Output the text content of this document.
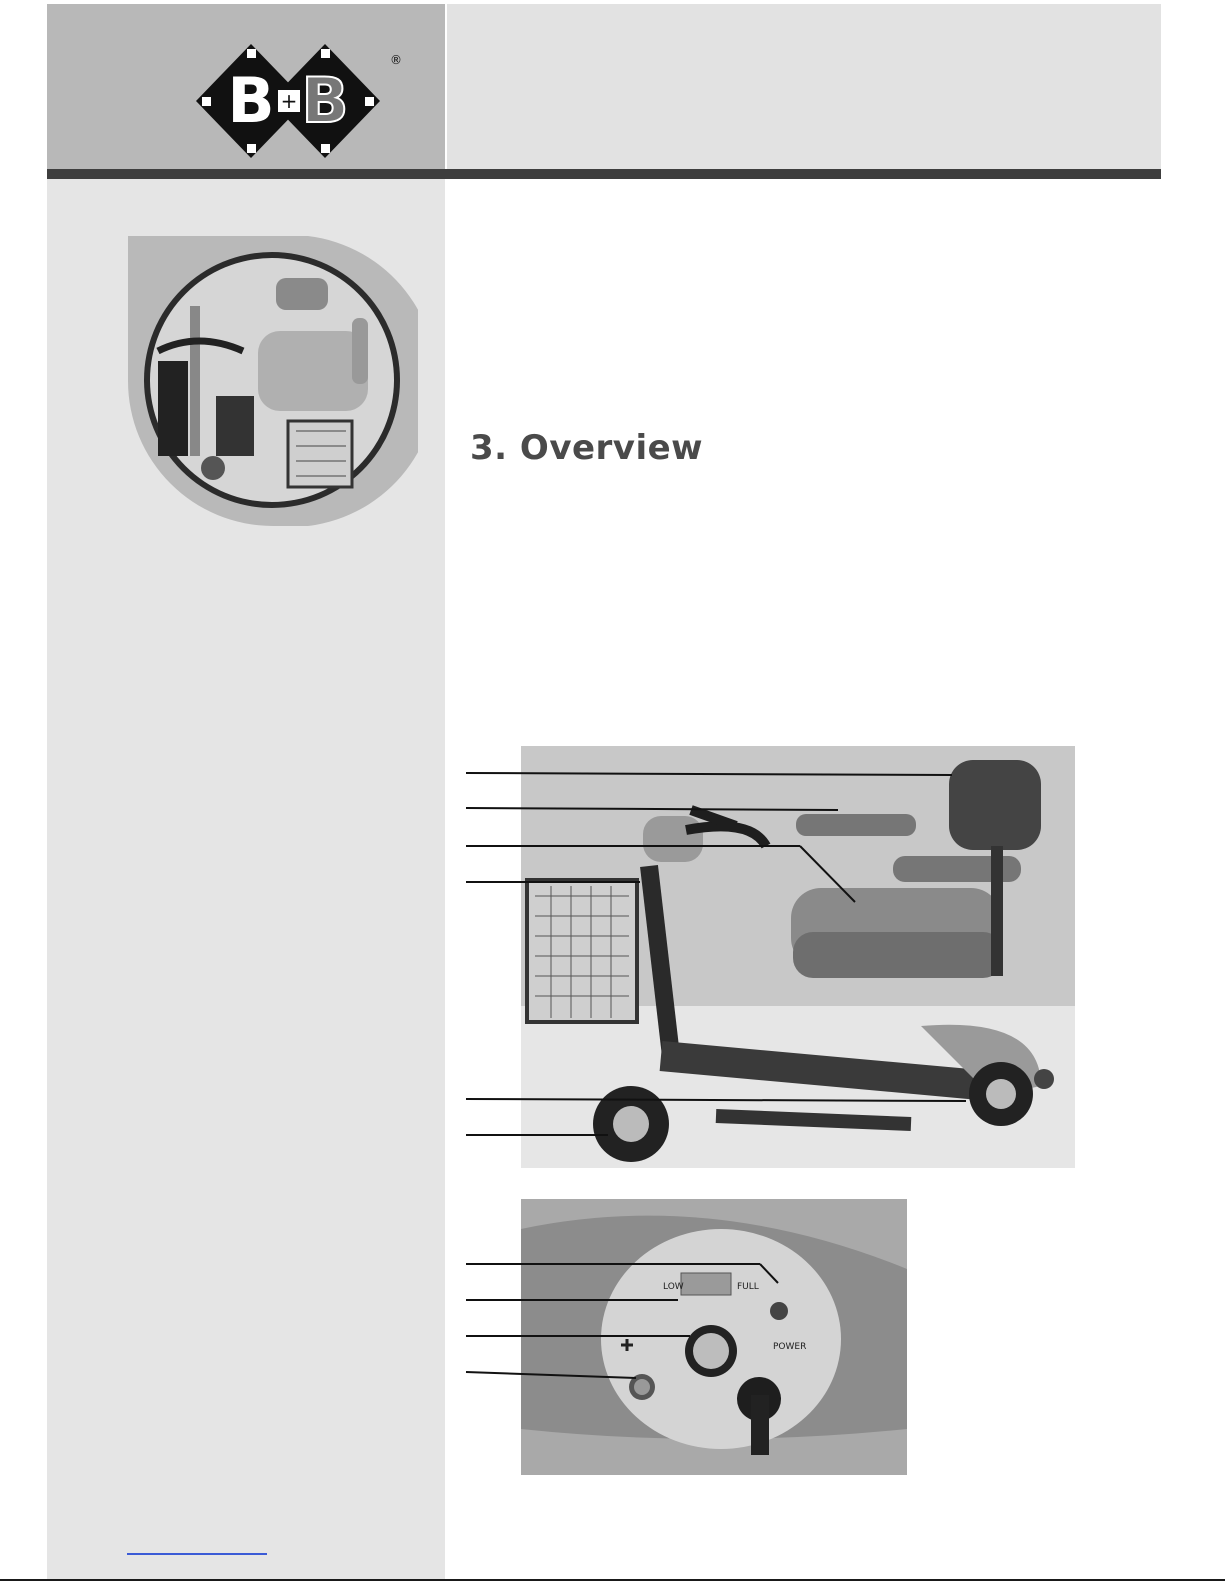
B B
+
®
3. Overview
LOW	FULL
POWER
